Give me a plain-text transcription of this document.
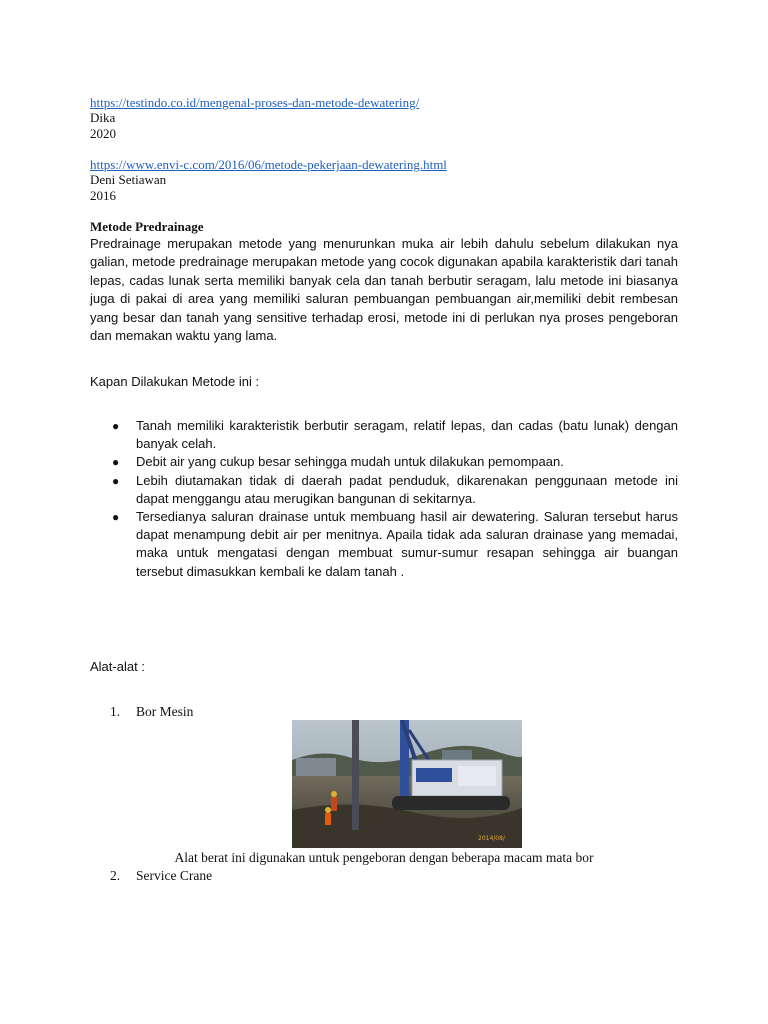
https://testindo.co.id/mengenal-proses-dan-metode-dewatering/
Dika
2020
https://www.envi-c.com/2016/06/metode-pekerjaan-dewatering.html
Deni Setiawan
2016
Metode Predrainage
Predrainage merupakan metode yang menurunkan muka air lebih dahulu sebelum dilakukan nya galian, metode predrainage merupakan metode yang cocok digunakan apabila karakteristik dari tanah lepas, cadas lunak serta memiliki banyak cela dan tanah berbutir seragam, lalu metode ini biasanya juga di pakai di area yang memiliki saluran pembuangan pembuangan air,memiliki debit rembesan yang besar dan tanah yang sensitive terhadap erosi, metode ini di perlukan nya proses pengeboran dan memakan waktu yang lama.
Kapan Dilakukan Metode ini :
● Tanah memiliki karakteristik berbutir seragam, relatif lepas, dan cadas (batu lunak) dengan banyak celah.
● Debit air yang cukup besar sehingga mudah untuk dilakukan pemompaan.
● Lebih diutamakan tidak di daerah padat penduduk, dikarenakan penggunaan metode ini dapat menggangu atau merugikan bangunan di sekitarnya.
● Tersedianya saluran drainase untuk membuang hasil air dewatering. Saluran tersebut harus dapat menampung debit air per menitnya. Apaila tidak ada saluran drainase yang memadai, maka untuk mengatasi dengan membuat sumur-sumur resapan sehingga air buangan tersebut dimasukkan kembali ke dalam tanah .
Alat-alat :
1. Bor Mesin
2014/08/
Alat berat ini digunakan untuk pengeboran dengan beberapa macam mata bor
2. Service Crane
